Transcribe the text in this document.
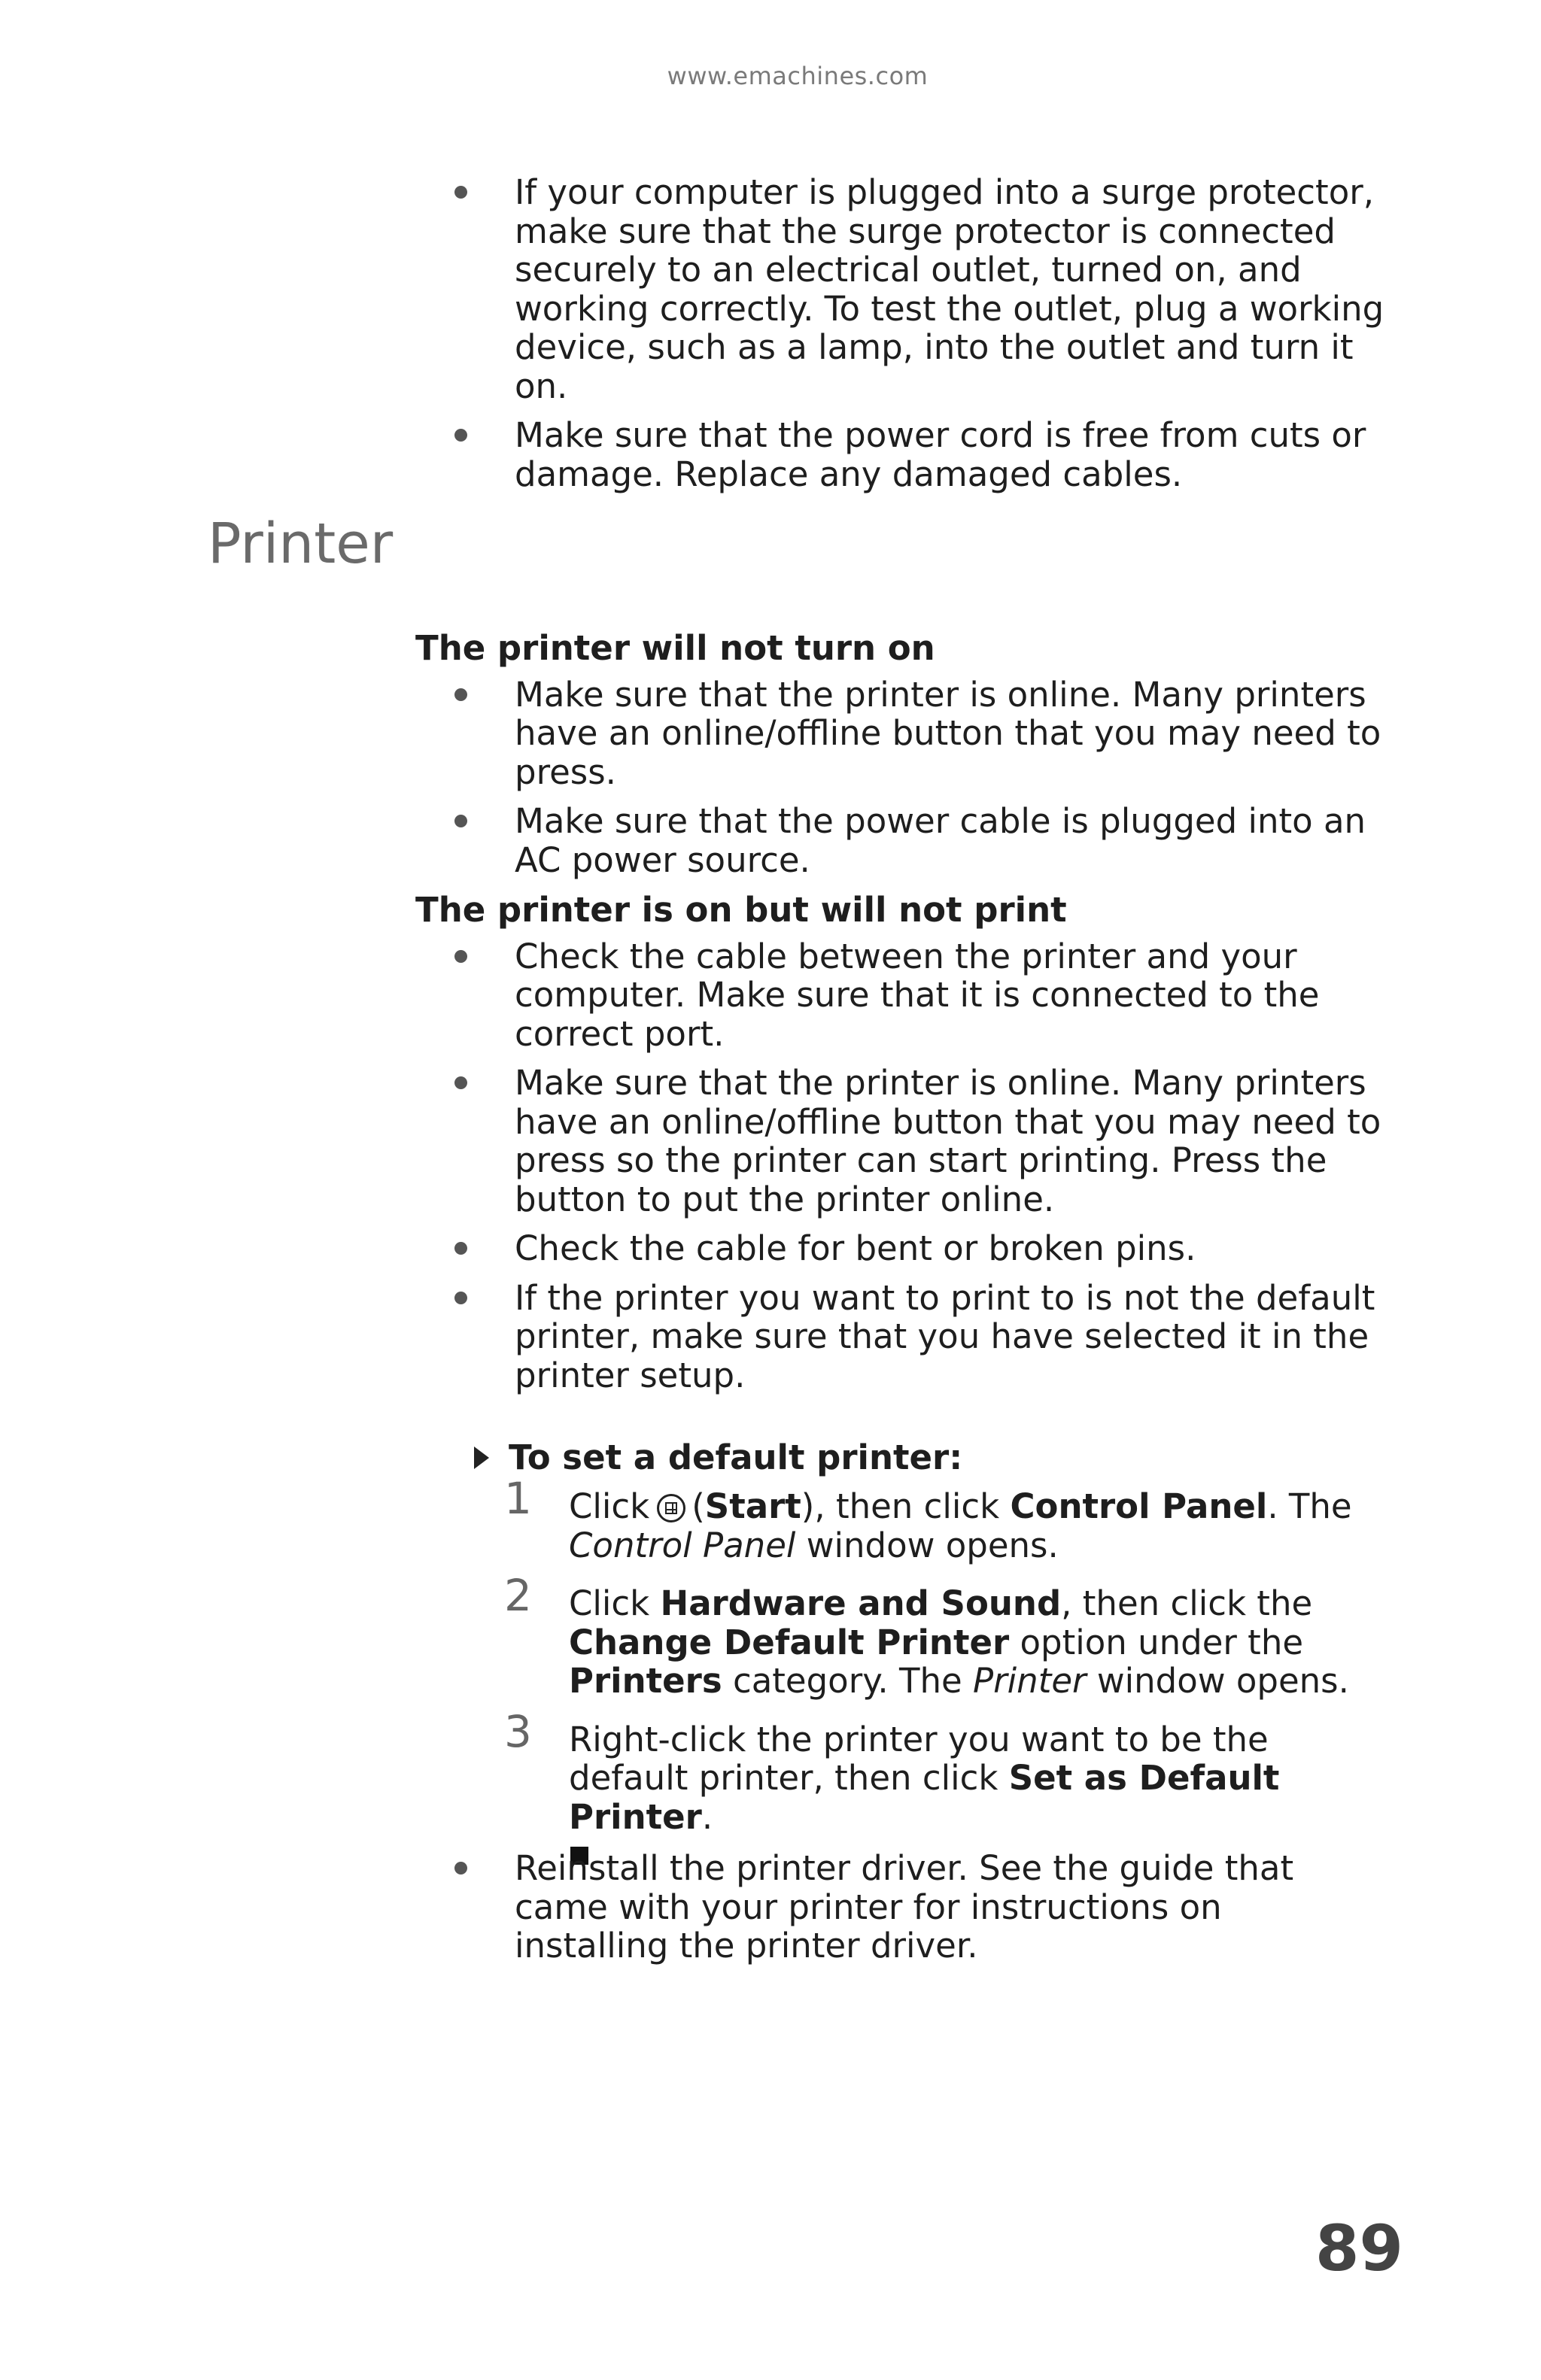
www.emachines.com
If your computer is plugged into a surge protector, make sure that the surge protector is connected securely to an electrical outlet, turned on, and working correctly. To test the outlet, plug a working device, such as a lamp, into the outlet and turn it on.
Make sure that the power cord is free from cuts or damage. Replace any damaged cables.
Printer

The printer will not turn on

Make sure that the printer is online. Many printers have an online/offline button that you may need to press.
Make sure that the power cable is plugged into an AC power source.

The printer is on but will not print

Check the cable between the printer and your computer. Make sure that it is connected to the correct port.
Make sure that the printer is online. Many printers have an online/offline button that you may need to press so the printer can start printing. Press the button to put the printer online.
Check the cable for bent or broken pins.
If the printer you want to print to is not the default printer, make sure that you have selected it in the printer setup.

To set a default printer:

1 Click (Start), then click Control Panel. The Control Panel window opens.
2 Click Hardware and Sound, then click the Change Default Printer option under the Printers category. The Printer window opens.
3 Right-click the printer you want to be the default printer, then click Set as Default Printer.
Reinstall the printer driver. See the guide that came with your printer for instructions on installing the printer driver.
89
